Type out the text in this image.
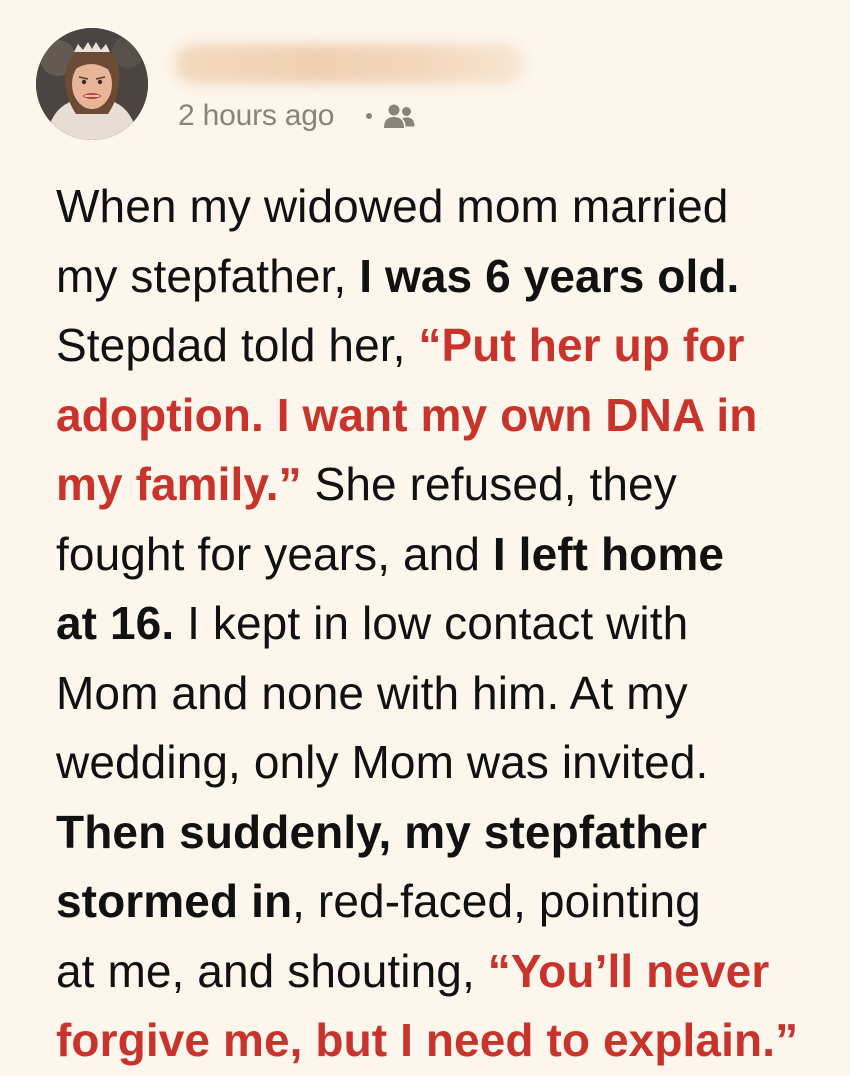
2 hours ago

When my widowed mom married
my stepfather, I was 6 years old.
Stepdad told her, “Put her up for
adoption. I want my own DNA in
my family.” She refused, they
fought for years, and I left home
at 16. I kept in low contact with
Mom and none with him. At my
wedding, only Mom was invited.
Then suddenly, my stepfather
stormed in, red-faced, pointing
at me, and shouting, “You’ll never
forgive me, but I need to explain.”
